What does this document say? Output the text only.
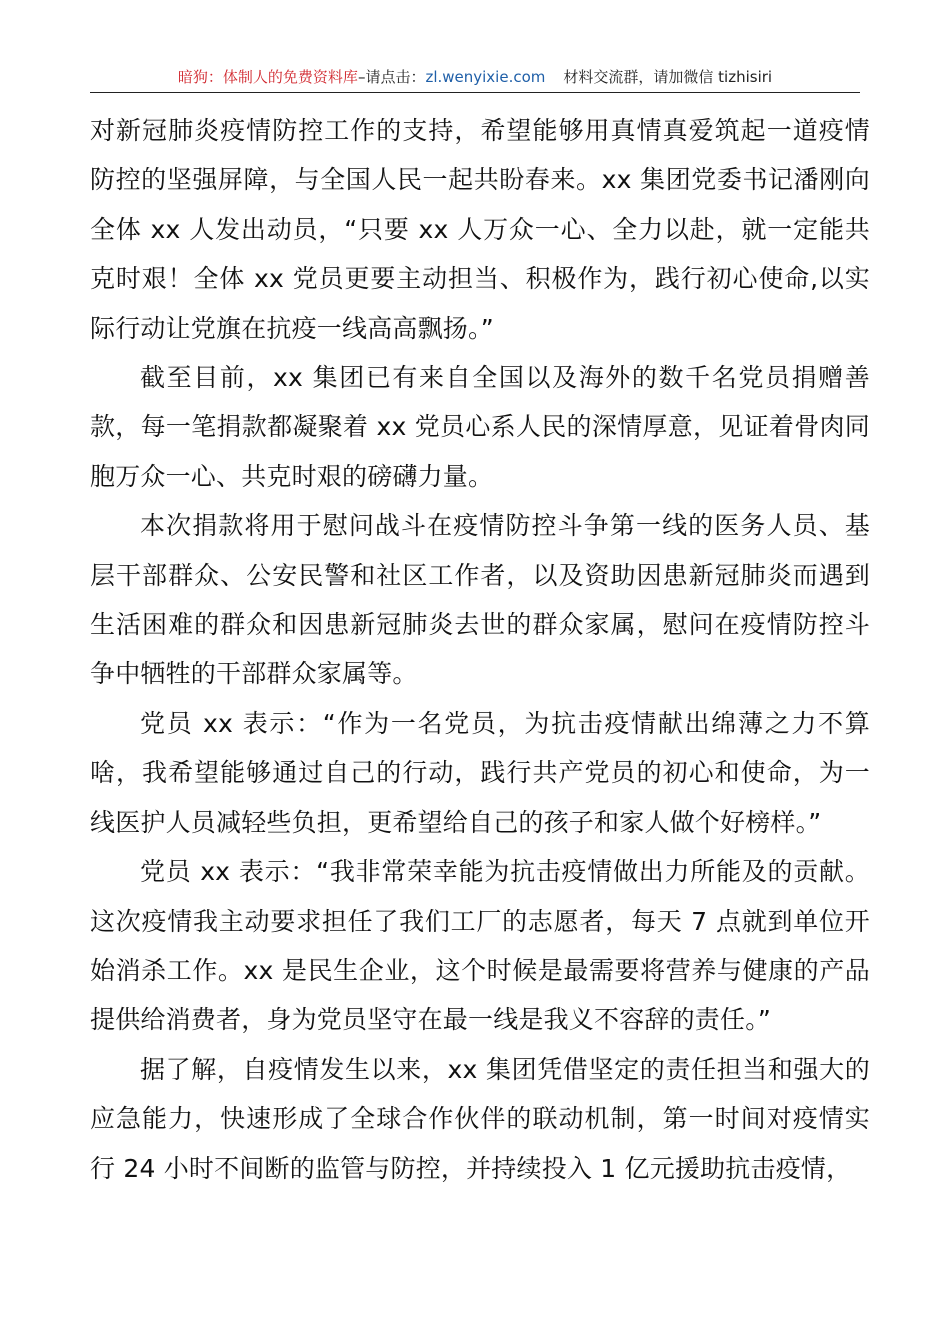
暗狗：体制人的免费资料库–请点击：zl.wenyixie.com 材料交流群，请加微信 tizhisiri

对新冠肺炎疫情防控工作的支持，希望能够用真情真爱筑起一道疫情防控的坚强屏障，与全国人民一起共盼春来。xx 集团党委书记潘刚向全体 xx 人发出动员，“只要 xx 人万众一心、全力以赴，就一定能共克时艰！全体 xx 党员更要主动担当、积极作为，践行初心使命,以实际行动让党旗在抗疫一线高高飘扬。”

截至目前，xx 集团已有来自全国以及海外的数千名党员捐赠善款，每一笔捐款都凝聚着 xx 党员心系人民的深情厚意，见证着骨肉同胞万众一心、共克时艰的磅礴力量。

本次捐款将用于慰问战斗在疫情防控斗争第一线的医务人员、基层干部群众、公安民警和社区工作者，以及资助因患新冠肺炎而遇到生活困难的群众和因患新冠肺炎去世的群众家属，慰问在疫情防控斗争中牺牲的干部群众家属等。

党员 xx 表示：“作为一名党员，为抗击疫情献出绵薄之力不算啥，我希望能够通过自己的行动，践行共产党员的初心和使命，为一线医护人员减轻些负担，更希望给自己的孩子和家人做个好榜样。”

党员 xx 表示：“我非常荣幸能为抗击疫情做出力所能及的贡献。这次疫情我主动要求担任了我们工厂的志愿者，每天 7 点就到单位开始消杀工作。xx 是民生企业，这个时候是最需要将营养与健康的产品提供给消费者，身为党员坚守在最一线是我义不容辞的责任。”

据了解，自疫情发生以来，xx 集团凭借坚定的责任担当和强大的应急能力，快速形成了全球合作伙伴的联动机制，第一时间对疫情实行 24 小时不间断的监管与防控，并持续投入 1 亿元援助抗击疫情，
